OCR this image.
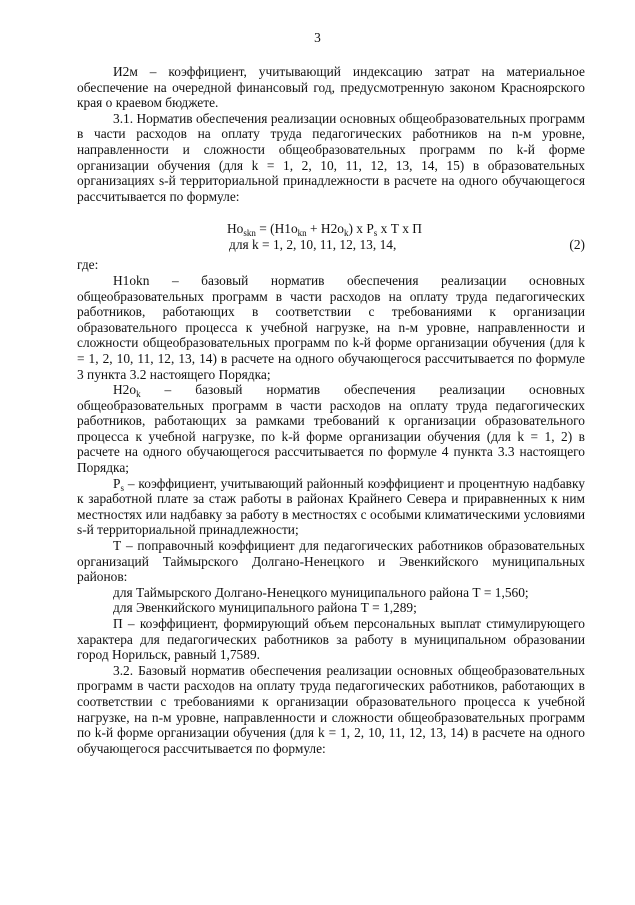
3

И2м – коэффициент, учитывающий индексацию затрат на материальное обеспечение на очередной финансовый год, предусмотренную законом Красноярского края о краевом бюджете.

3.1. Норматив обеспечения реализации основных общеобразовательных программ в части расходов на оплату труда педагогических работников на n-м уровне, направленности и сложности общеобразовательных программ по k-й форме организации обучения (для k = 1, 2, 10, 11, 12, 13, 14, 15) в образовательных организациях s-й территориальной принадлежности в расчете на одного обучающегося рассчитывается по формуле:

$Но_{skn} = (Н1о_{kn} + Н2о_k)$ х $Р_s$ х Т х П
для k = 1, 2, 10, 11, 12, 13, 14,	(2)

где:

Н1оkn – базовый норматив обеспечения реализации основных общеобразовательных программ в части расходов на оплату труда педагогических работников, работающих в соответствии с требованиями к организации образовательного процесса к учебной нагрузке, на n-м уровне, направленности и сложности общеобразовательных программ по k-й форме организации обучения (для k = 1, 2, 10, 11, 12, 13, 14) в расчете на одного обучающегося рассчитывается по формуле 3 пункта 3.2 настоящего Порядка;

$Н2о_k$ – базовый норматив обеспечения реализации основных общеобразовательных программ в части расходов на оплату труда педагогических работников, работающих за рамками требований к организации образовательного процесса к учебной нагрузке, по k-й форме организации обучения (для k = 1, 2) в расчете на одного обучающегося рассчитывается по формуле 4 пункта 3.3 настоящего Порядка;

$Р_s$ – коэффициент, учитывающий районный коэффициент и процентную надбавку к заработной плате за стаж работы в районах Крайнего Севера и приравненных к ним местностях или надбавку за работу в местностях с особыми климатическими условиями s-й территориальной принадлежности;

Т – поправочный коэффициент для педагогических работников образовательных организаций Таймырского Долгано-Ненецкого и Эвенкийского муниципальных районов:

для Таймырского Долгано-Ненецкого муниципального района Т = 1,560;

для Эвенкийского муниципального района Т = 1,289;

П – коэффициент, формирующий объем персональных выплат стимулирующего характера для педагогических работников за работу в муниципальном образовании город Норильск, равный 1,7589.

3.2. Базовый норматив обеспечения реализации основных общеобразовательных программ в части расходов на оплату труда педагогических работников, работающих в соответствии с требованиями к организации образовательного процесса к учебной нагрузке, на n-м уровне, направленности и сложности общеобразовательных программ по k-й форме организации обучения (для k = 1, 2, 10, 11, 12, 13, 14) в расчете на одного обучающегося рассчитывается по формуле:
